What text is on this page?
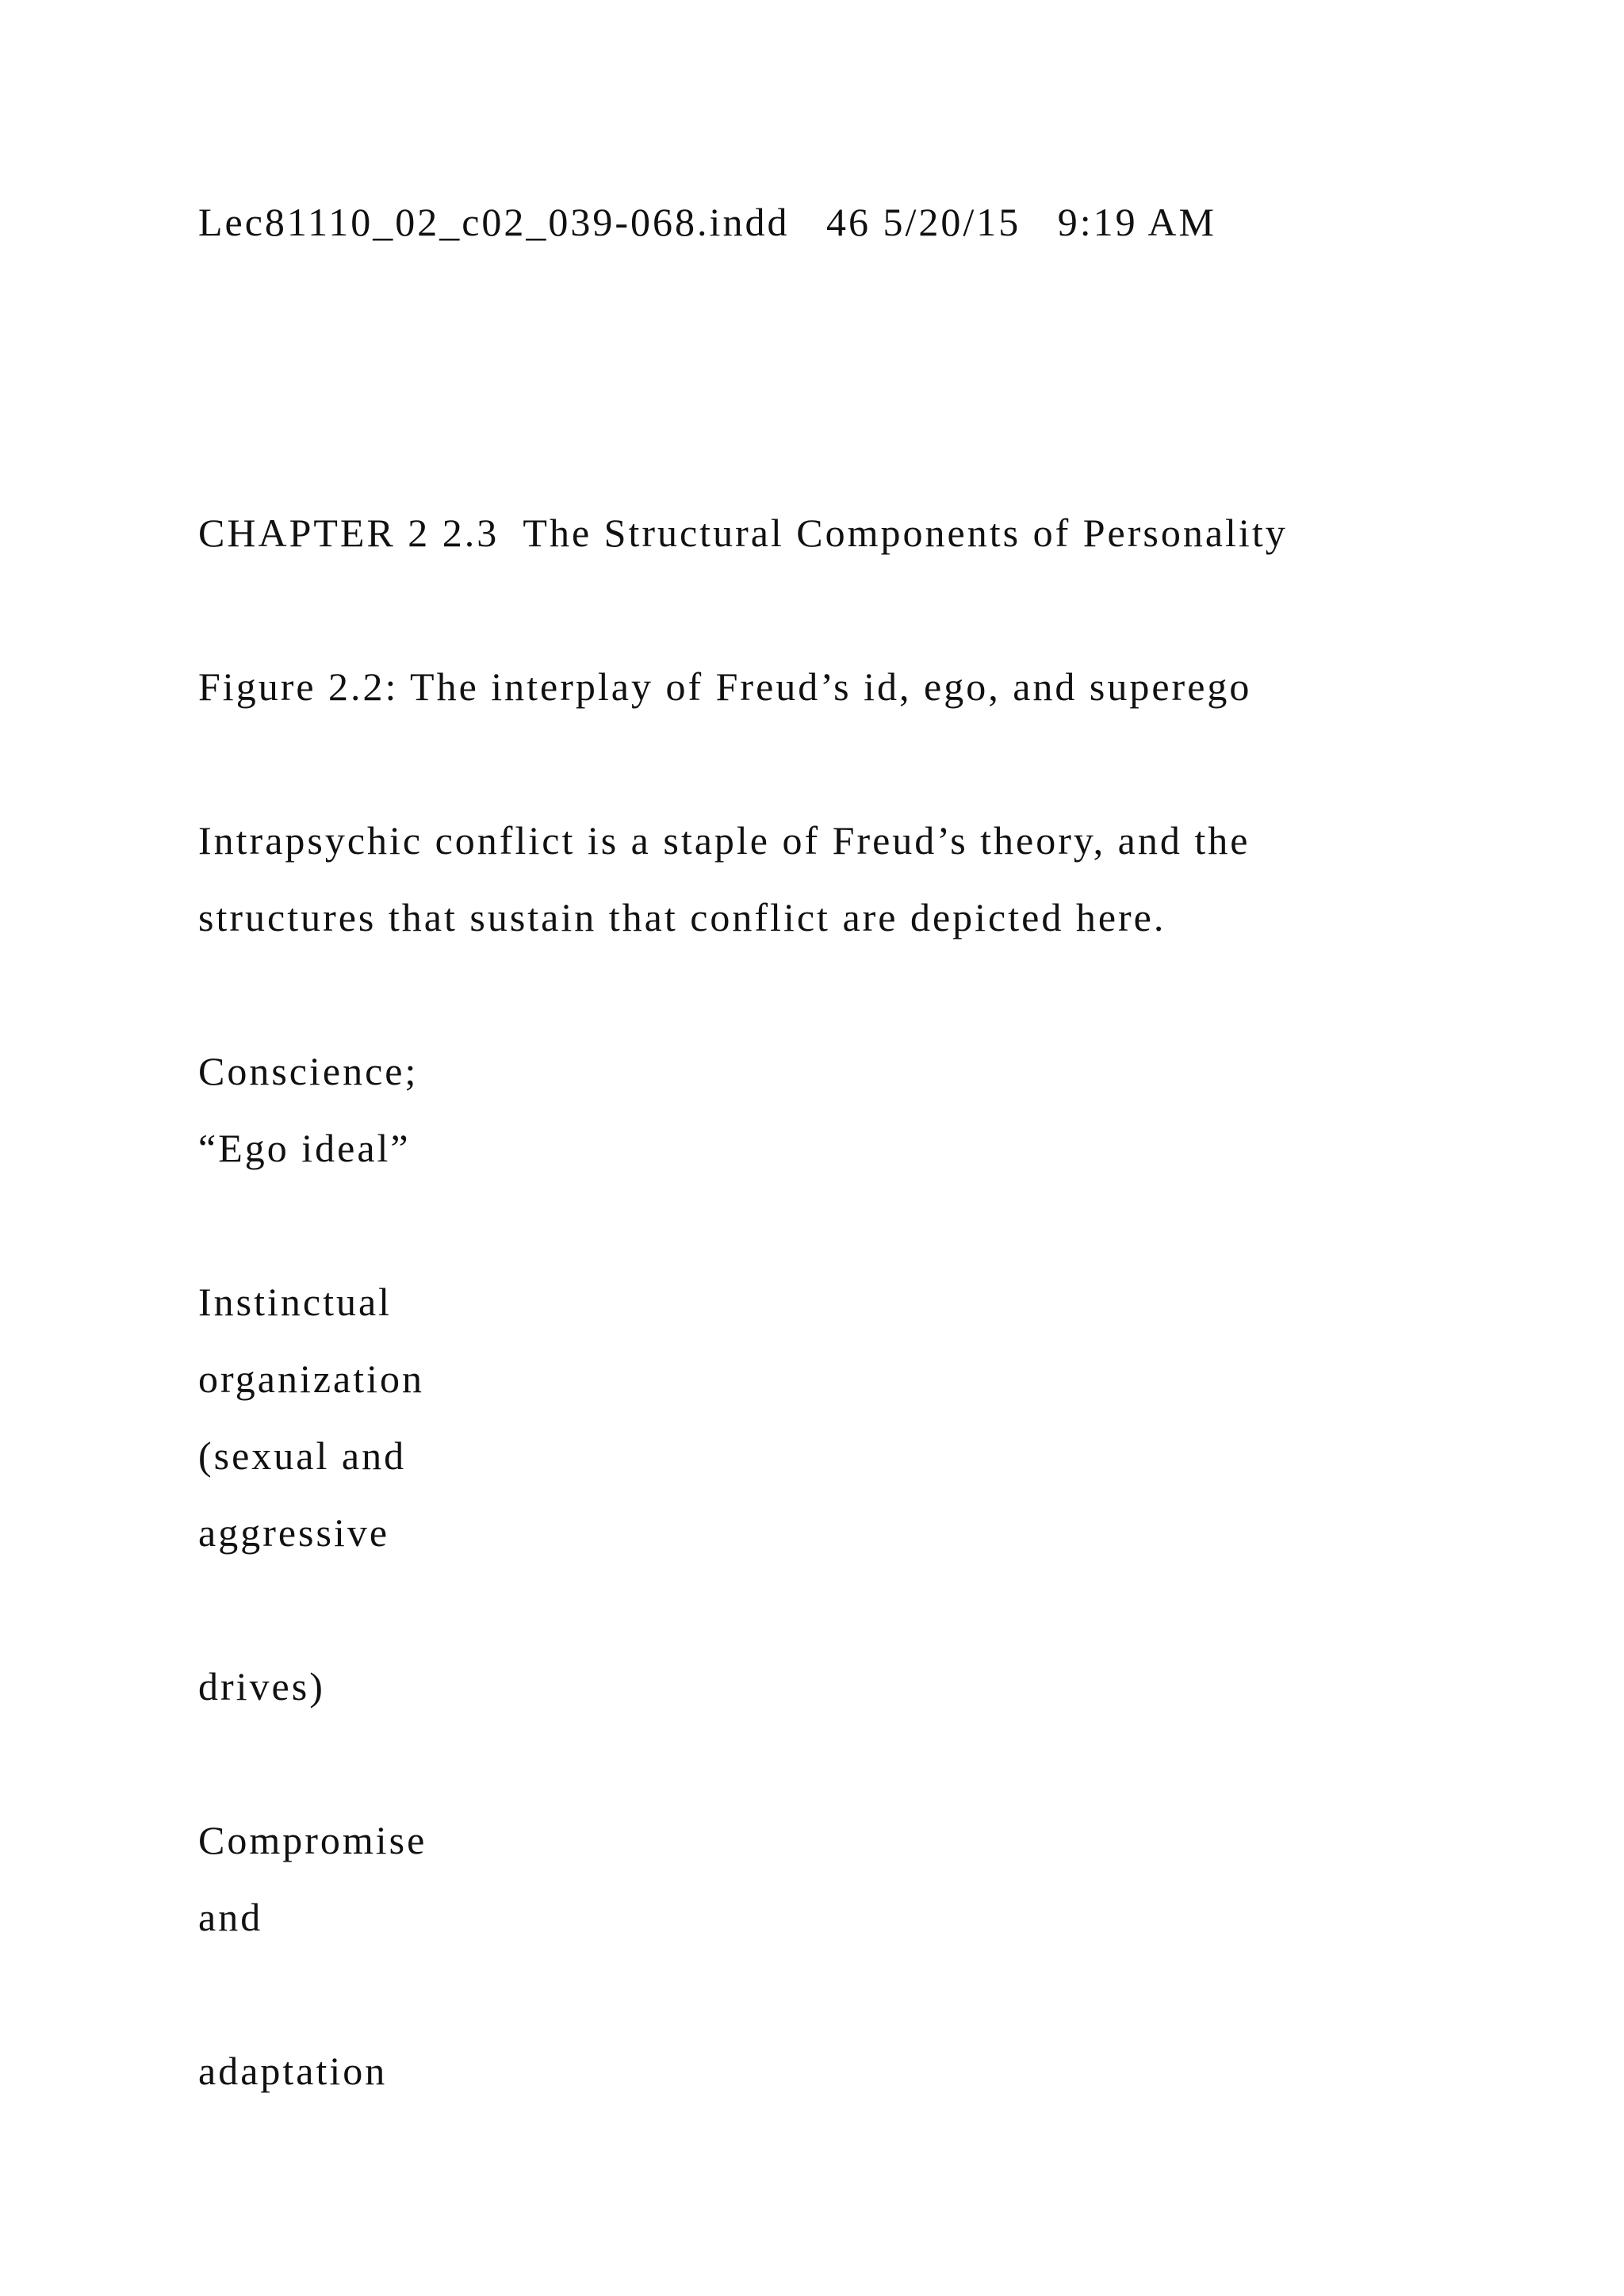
Lec81110_02_c02_039-068.indd   46 5/20/15   9:19 AM

CHAPTER 2 2.3  The Structural Components of Personality

Figure 2.2: The interplay of Freud’s id, ego, and superego

Intrapsychic conflict is a staple of Freud’s theory, and the

structures that sustain that conflict are depicted here.

Conscience;

“Ego ideal”

Instinctual

organization

(sexual and

aggressive

drives)

Compromise

and

adaptation
